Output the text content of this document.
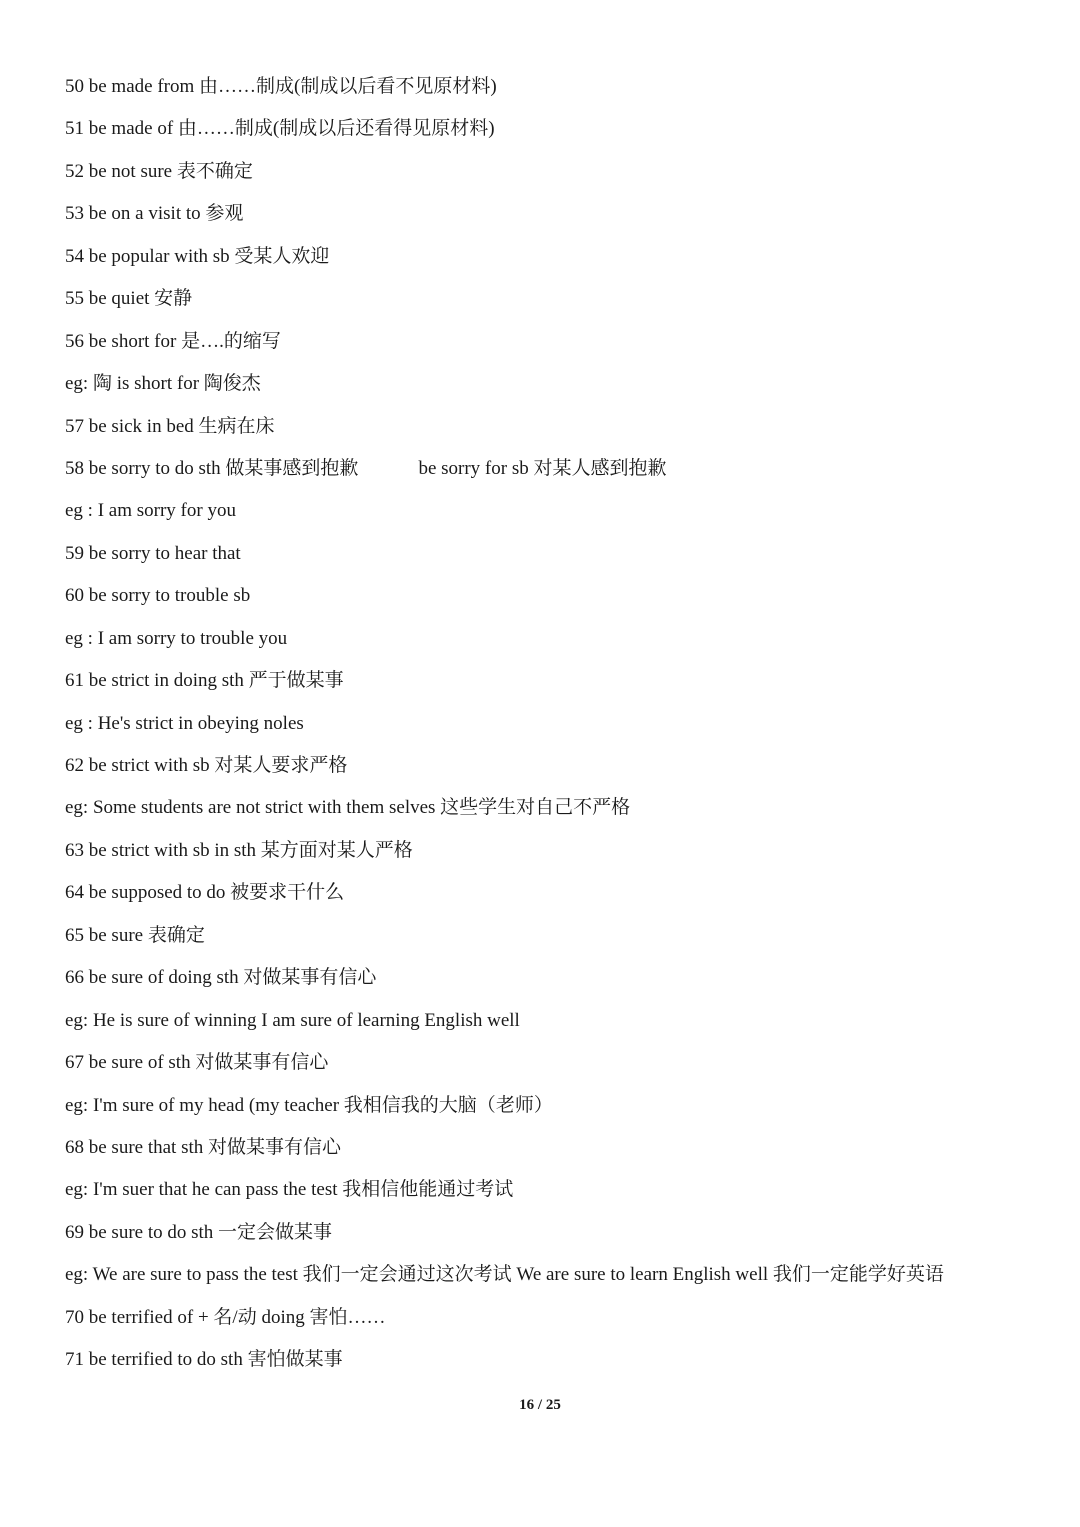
50 be made from 由……制成(制成以后看不见原材料)
51 be made of 由……制成(制成以后还看得见原材料)
52 be not sure 表不确定
53 be on a visit to 参观
54 be popular with sb 受某人欢迎
55 be quiet 安静
56 be short for 是….的缩写
eg: 陶 is short for 陶俊杰
57 be sick in bed 生病在床
58 be sorry to do sth 做某事感到抱歉	be sorry for sb 对某人感到抱歉
eg : I am sorry for you
59 be sorry to hear that
60 be sorry to trouble sb
eg : I am sorry to trouble you
61 be strict in doing sth 严于做某事
eg : He's strict in obeying noles
62 be strict with sb 对某人要求严格
eg: Some students are not strict with them selves 这些学生对自己不严格
63 be strict with sb in sth 某方面对某人严格
64 be supposed to do 被要求干什么
65 be sure 表确定
66 be sure of doing sth 对做某事有信心
eg: He is sure of winning I am sure of learning English well
67 be sure of sth 对做某事有信心
eg: I'm sure of my head (my teacher 我相信我的大脑（老师）
68 be sure that sth 对做某事有信心
eg: I'm suer that he can pass the test 我相信他能通过考试
69 be sure to do sth 一定会做某事
eg: We are sure to pass the test 我们一定会通过这次考试 We are sure to learn English well 我们一定能学好英语
70 be terrified of + 名/动 doing 害怕……
71 be terrified to do sth 害怕做某事
16 / 25
